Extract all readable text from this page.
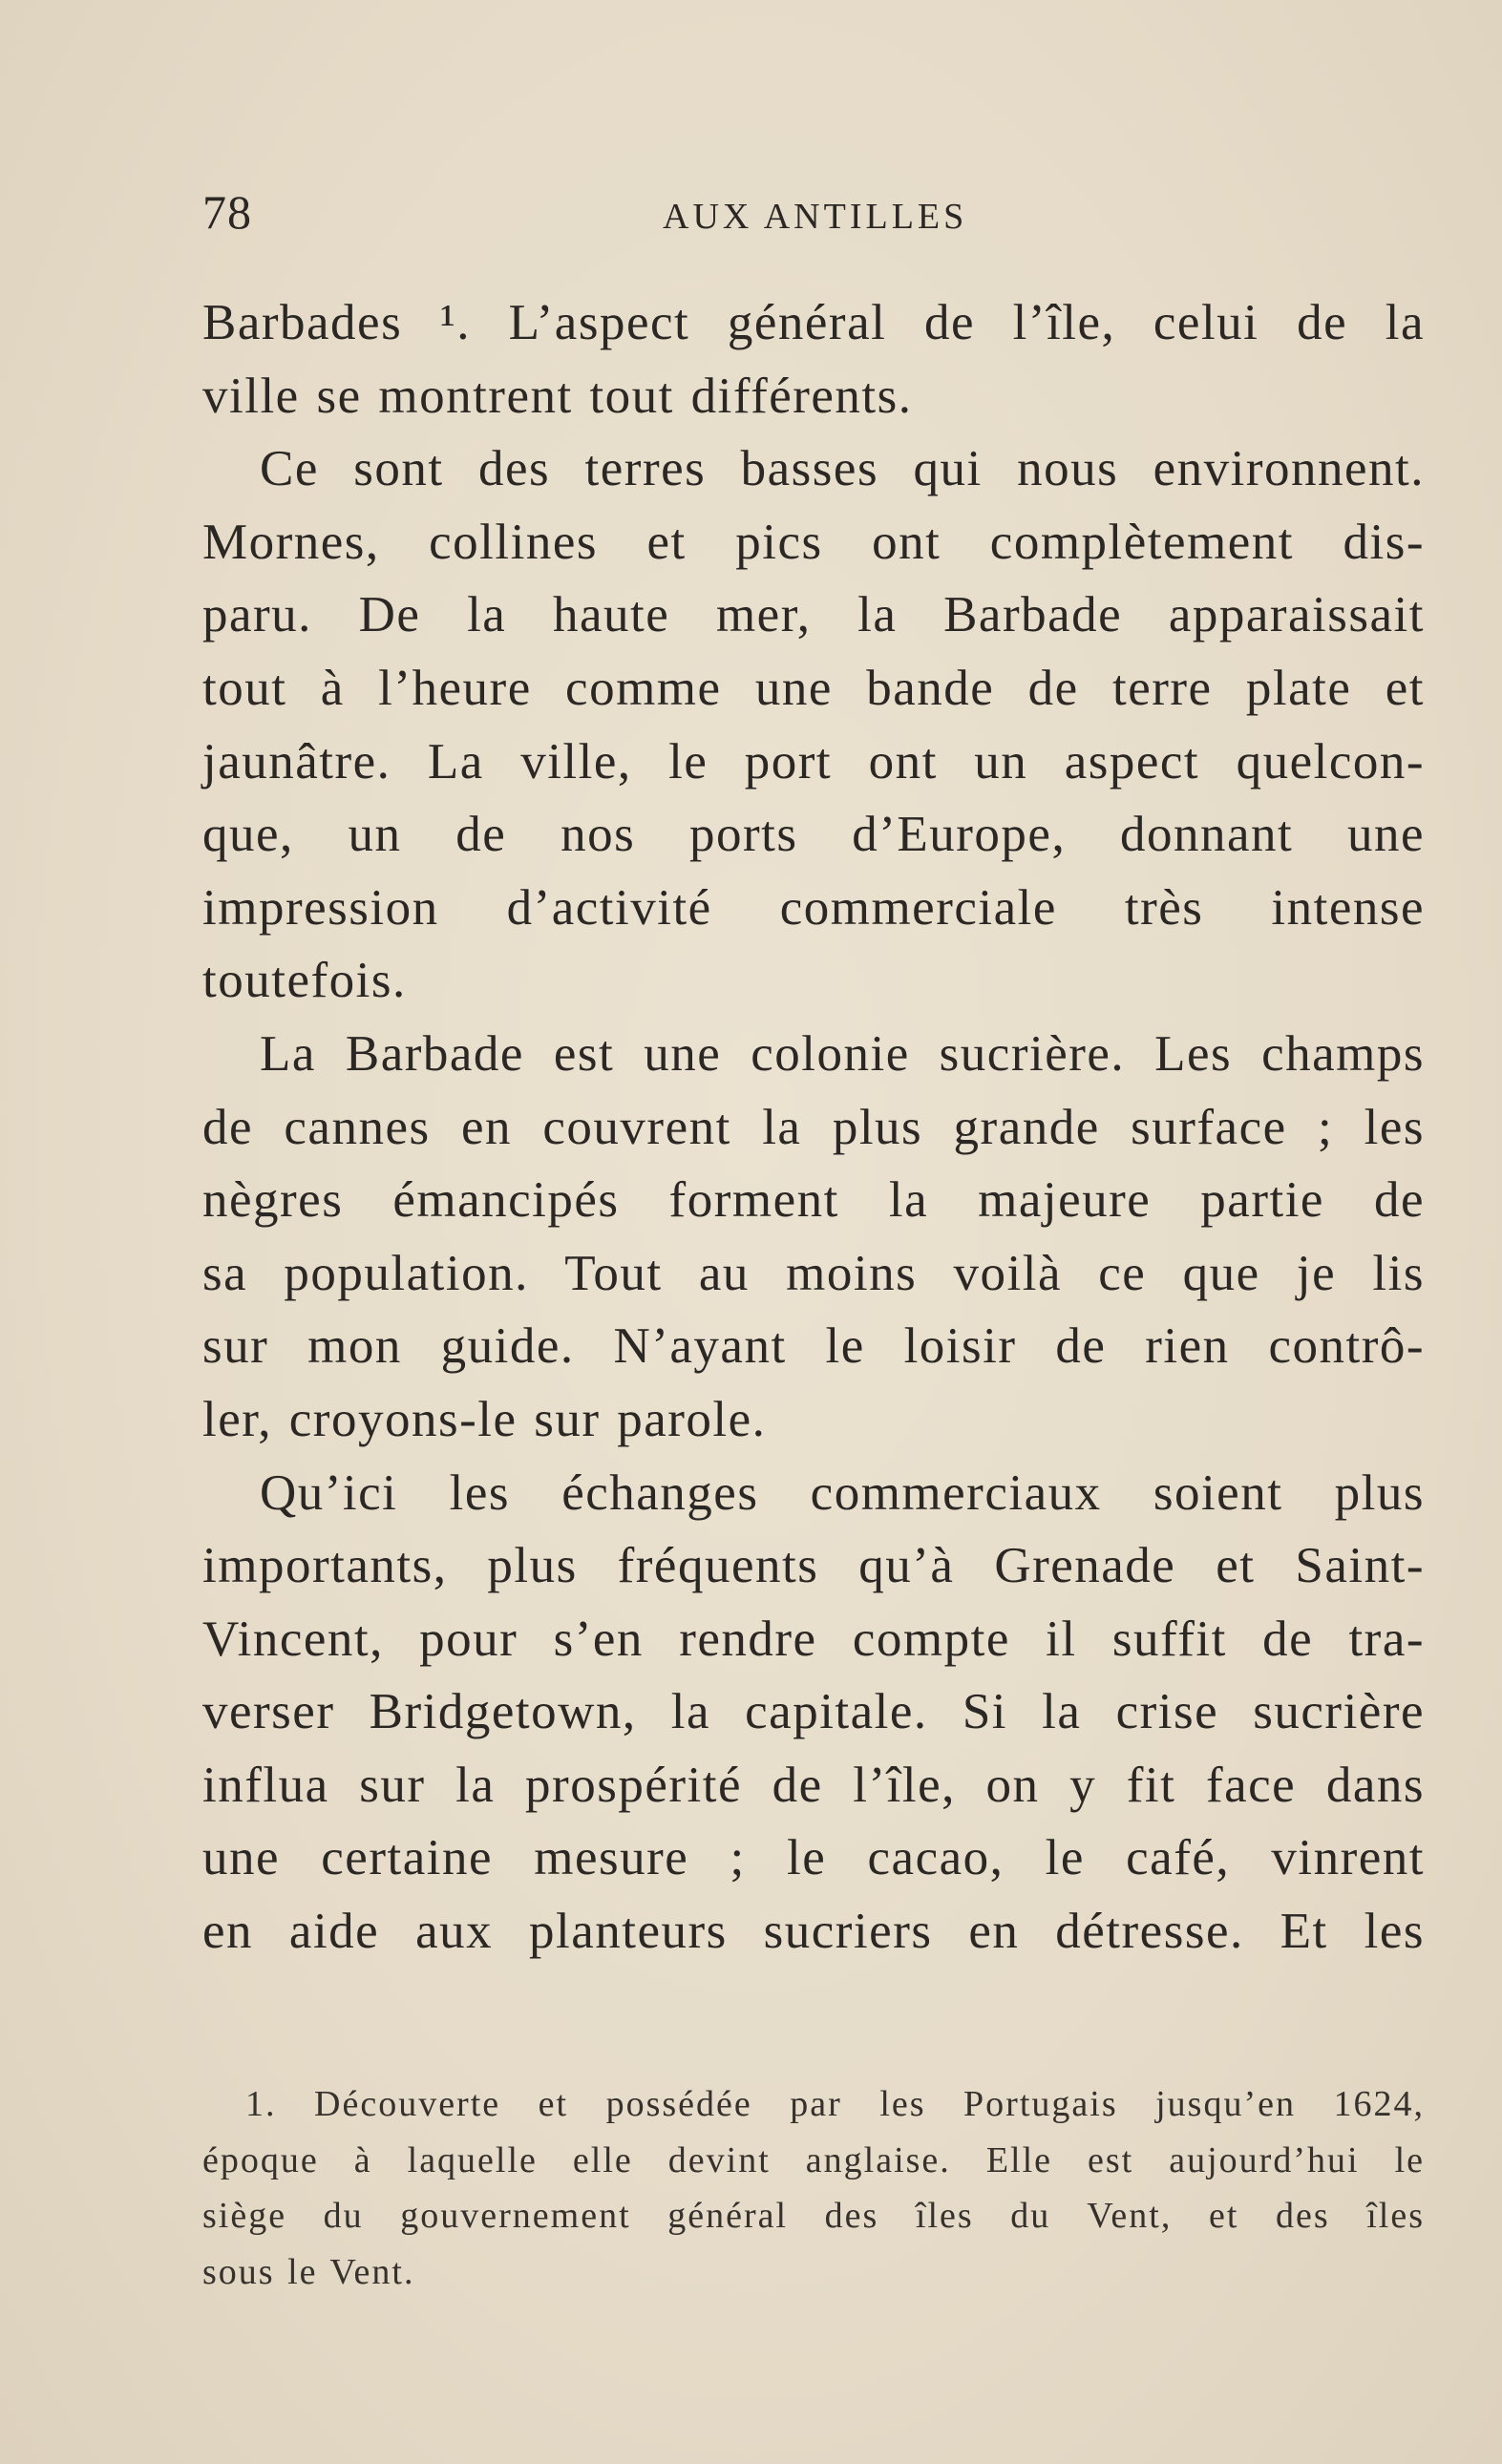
78	AUX ANTILLES
Barbades ¹. L’aspect général de l’île, celui de la
ville se montrent tout différents.
Ce sont des terres basses qui nous environnent.
Mornes, collines et pics ont complètement dis-
paru. De la haute mer, la Barbade apparaissait
tout à l’heure comme une bande de terre plate et
jaunâtre. La ville, le port ont un aspect quelcon-
que, un de nos ports d’Europe, donnant une
impression d’activité commerciale très intense
toutefois.
La Barbade est une colonie sucrière. Les champs
de cannes en couvrent la plus grande surface ; les
nègres émancipés forment la majeure partie de
sa population. Tout au moins voilà ce que je lis
sur mon guide. N’ayant le loisir de rien contrô-
ler, croyons-le sur parole.
Qu’ici les échanges commerciaux soient plus
importants, plus fréquents qu’à Grenade et Saint-
Vincent, pour s’en rendre compte il suffit de tra-
verser Bridgetown, la capitale. Si la crise sucrière
influa sur la prospérité de l’île, on y fit face dans
une certaine mesure ; le cacao, le café, vinrent
en aide aux planteurs sucriers en détresse. Et les
1. Découverte et possédée par les Portugais jusqu’en 1624,
époque à laquelle elle devint anglaise. Elle est aujourd’hui le
siège du gouvernement général des îles du Vent, et des îles
sous le Vent.
